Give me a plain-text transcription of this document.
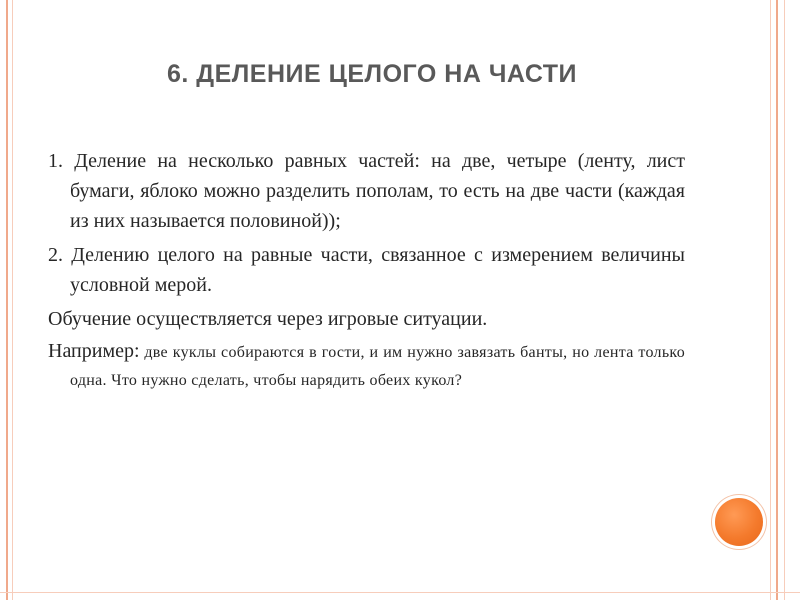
6. ДЕЛЕНИЕ ЦЕЛОГО НА ЧАСТИ

1. Деление на несколько равных частей: на две, четыре (ленту, лист бумаги, яблоко можно разделить пополам, то есть на две части (каждая из них называется половиной));

2. Делению целого на равные части, связанное с измерением величины условной мерой.

Обучение осуществляется через игровые ситуации.

Например: две куклы собираются в гости, и им нужно завязать банты, но лента только одна. Что нужно сделать, чтобы нарядить обеих кукол?
